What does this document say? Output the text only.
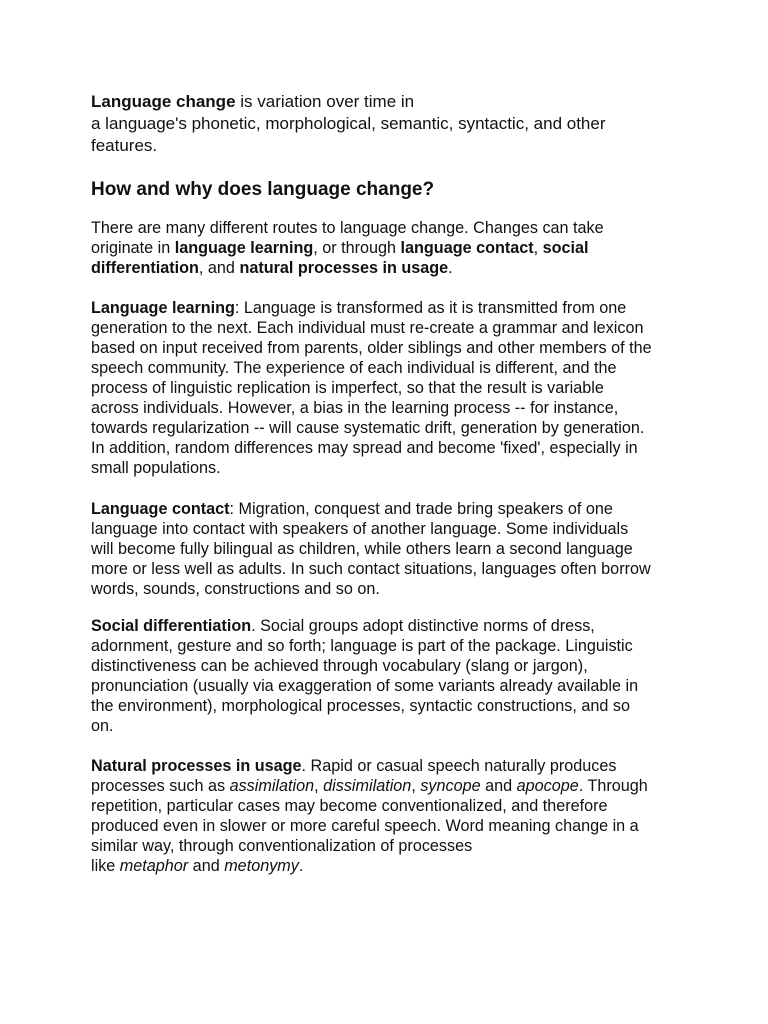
Language change is variation over time in
a language's phonetic, morphological, semantic, syntactic, and other
features.

How and why does language change?

There are many different routes to language change. Changes can take
originate in language learning, or through language contact, social
differentiation, and natural processes in usage.

Language learning: Language is transformed as it is transmitted from one
generation to the next. Each individual must re-create a grammar and lexicon
based on input received from parents, older siblings and other members of the
speech community. The experience of each individual is different, and the
process of linguistic replication is imperfect, so that the result is variable
across individuals. However, a bias in the learning process -- for instance,
towards regularization -- will cause systematic drift, generation by generation.
In addition, random differences may spread and become 'fixed', especially in
small populations.

Language contact: Migration, conquest and trade bring speakers of one
language into contact with speakers of another language. Some individuals
will become fully bilingual as children, while others learn a second language
more or less well as adults. In such contact situations, languages often borrow
words, sounds, constructions and so on.

Social differentiation. Social groups adopt distinctive norms of dress,
adornment, gesture and so forth; language is part of the package. Linguistic
distinctiveness can be achieved through vocabulary (slang or jargon),
pronunciation (usually via exaggeration of some variants already available in
the environment), morphological processes, syntactic constructions, and so
on.

Natural processes in usage. Rapid or casual speech naturally produces
processes such as assimilation, dissimilation, syncope and apocope. Through
repetition, particular cases may become conventionalized, and therefore
produced even in slower or more careful speech. Word meaning change in a
similar way, through conventionalization of processes
like metaphor and metonymy.
